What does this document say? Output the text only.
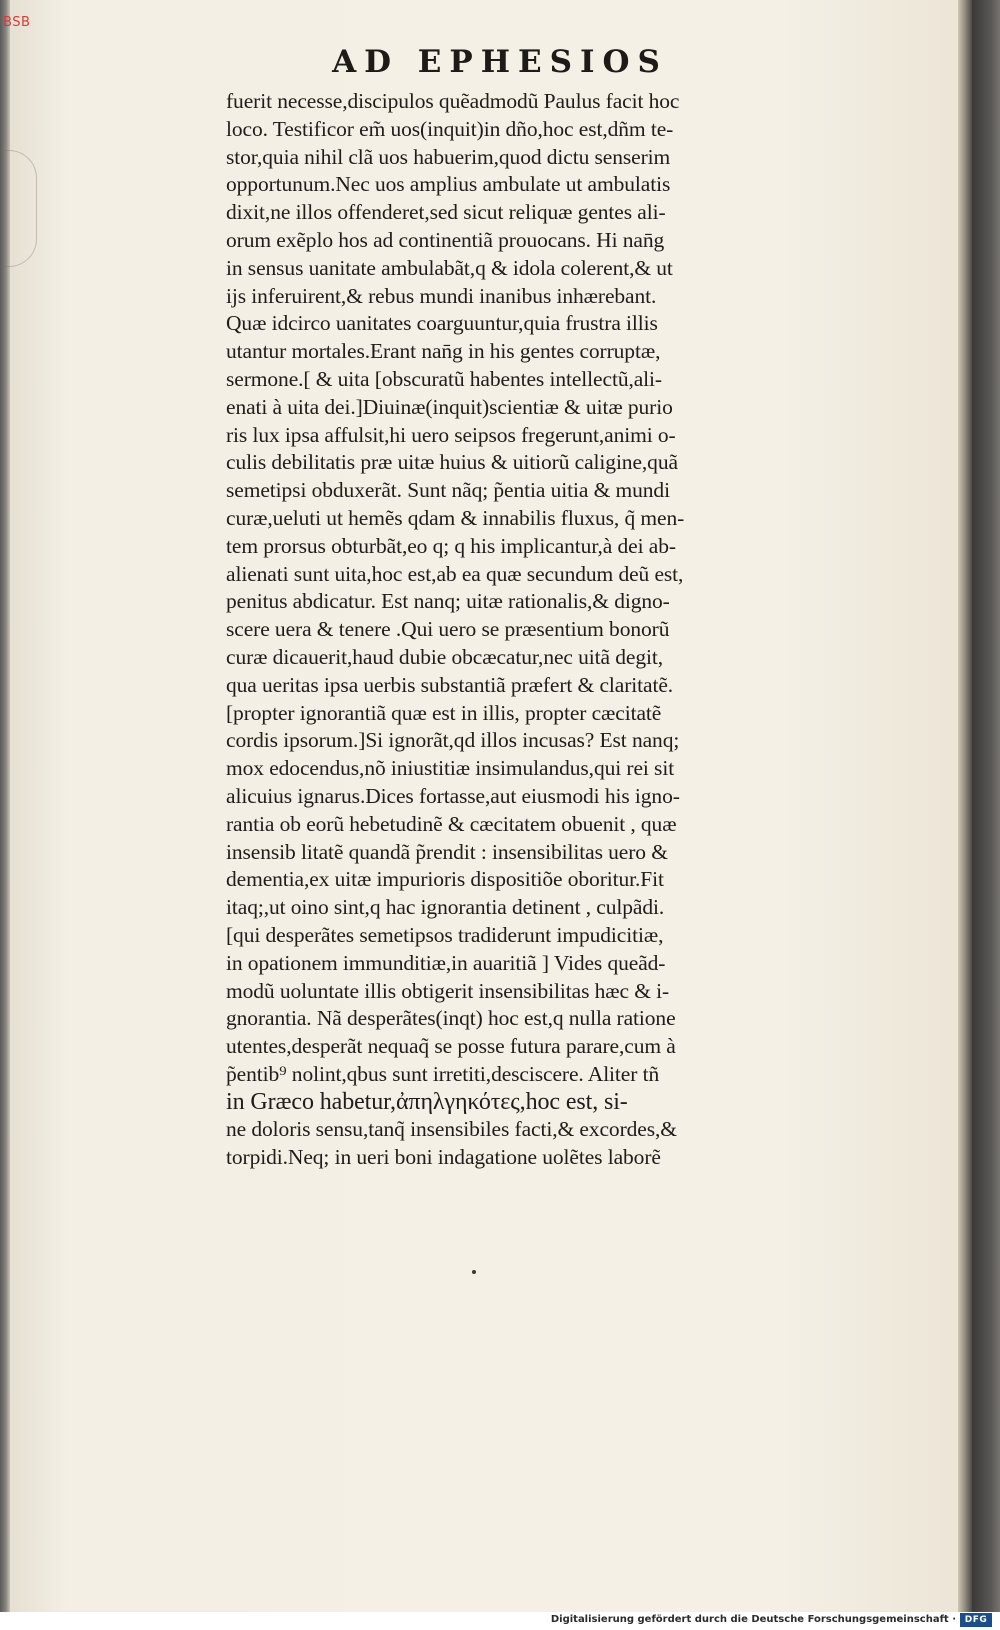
BSB
AD EPHESIOS
fuerit necesse,discipulos quẽadmodũ Paulus facit hoc
loco. Testificor em̃ uos(inquit)in dño,hoc est,dñm te-
stor,quia nihil clã uos habuerim,quod dictu senserim
opportunum.Nec uos amplius ambulate ut ambulatis
dixit,ne illos offenderet,sed sicut reliquæ gentes ali-
orum exẽplo hos ad continentiã prouocans. Hi nan̄g
in sensus uanitate ambulabãt,q & idola colerent,& ut
ijs inferuirent,& rebus mundi inanibus inhærebant.
Quæ idcirco uanitates coarguuntur,quia frustra illis
utantur mortales.Erant nan̄g in his gentes corruptæ,
sermone.[ & uita [obscuratũ habentes intellectũ,ali-
enati à uita dei.]Diuinæ(inquit)scientiæ & uitæ purio
ris lux ipsa affulsit,hi uero seipsos fregerunt,animi o-
culis debilitatis præ uitæ huius & uitiorũ caligine,quã
semetipsi obduxerãt. Sunt nãq; p̃entia uitia & mundi
curæ,ueluti ut hemẽs qdam & innabilis fluxus, q̃ men-
tem prorsus obturbãt,eo q; q his implicantur,à dei ab-
alienati sunt uita,hoc est,ab ea quæ secundum deũ est,
penitus abdicatur. Est nanq; uitæ rationalis,& digno-
scere uera & tenere .Qui uero se præsentium bonorũ
curæ dicauerit,haud dubie obcæcatur,nec uitã degit,
qua ueritas ipsa uerbis substantiã præfert & claritatẽ.
[propter ignorantiã quæ est in illis, propter cæcitatẽ
cordis ipsorum.]Si ignorãt,qd illos incusas? Est nanq;
mox edocendus,nõ iniustitiæ insimulandus,qui rei sit
alicuius ignarus.Dices fortasse,aut eiusmodi his igno-
rantia ob eorũ hebetudinẽ & cæcitatem obuenit , quæ
insensib litatẽ quandã p̃rendit : insensibilitas uero &
dementia,ex uitæ impurioris dispositiõe oboritur.Fit
itaq;,ut oino sint,q hac ignorantia detinent , culpãdi.
[qui desperãtes semetipsos tradiderunt impudicitiæ,
in opationem immunditiæ,in auaritiã ] Vides queãd-
modũ uoluntate illis obtigerit insensibilitas hæc & i-
gnorantia. Nã desperãtes(inqt) hoc est,q nulla ratione
utentes,desperãt nequaq̃ se posse futura parare,cum à
p̃entib⁹ nolint,qbus sunt irretiti,desciscere. Aliter tñ
in Græco habetur,ἀπηλγηκότες,hoc est, si-
ne doloris sensu,tanq̃ insensibiles facti,& excordes,&
torpidi.Neq; in ueri boni indagatione uolẽtes laborẽ
Digitalisierung gefördert durch die Deutsche Forschungsgemeinschaft · DFG
